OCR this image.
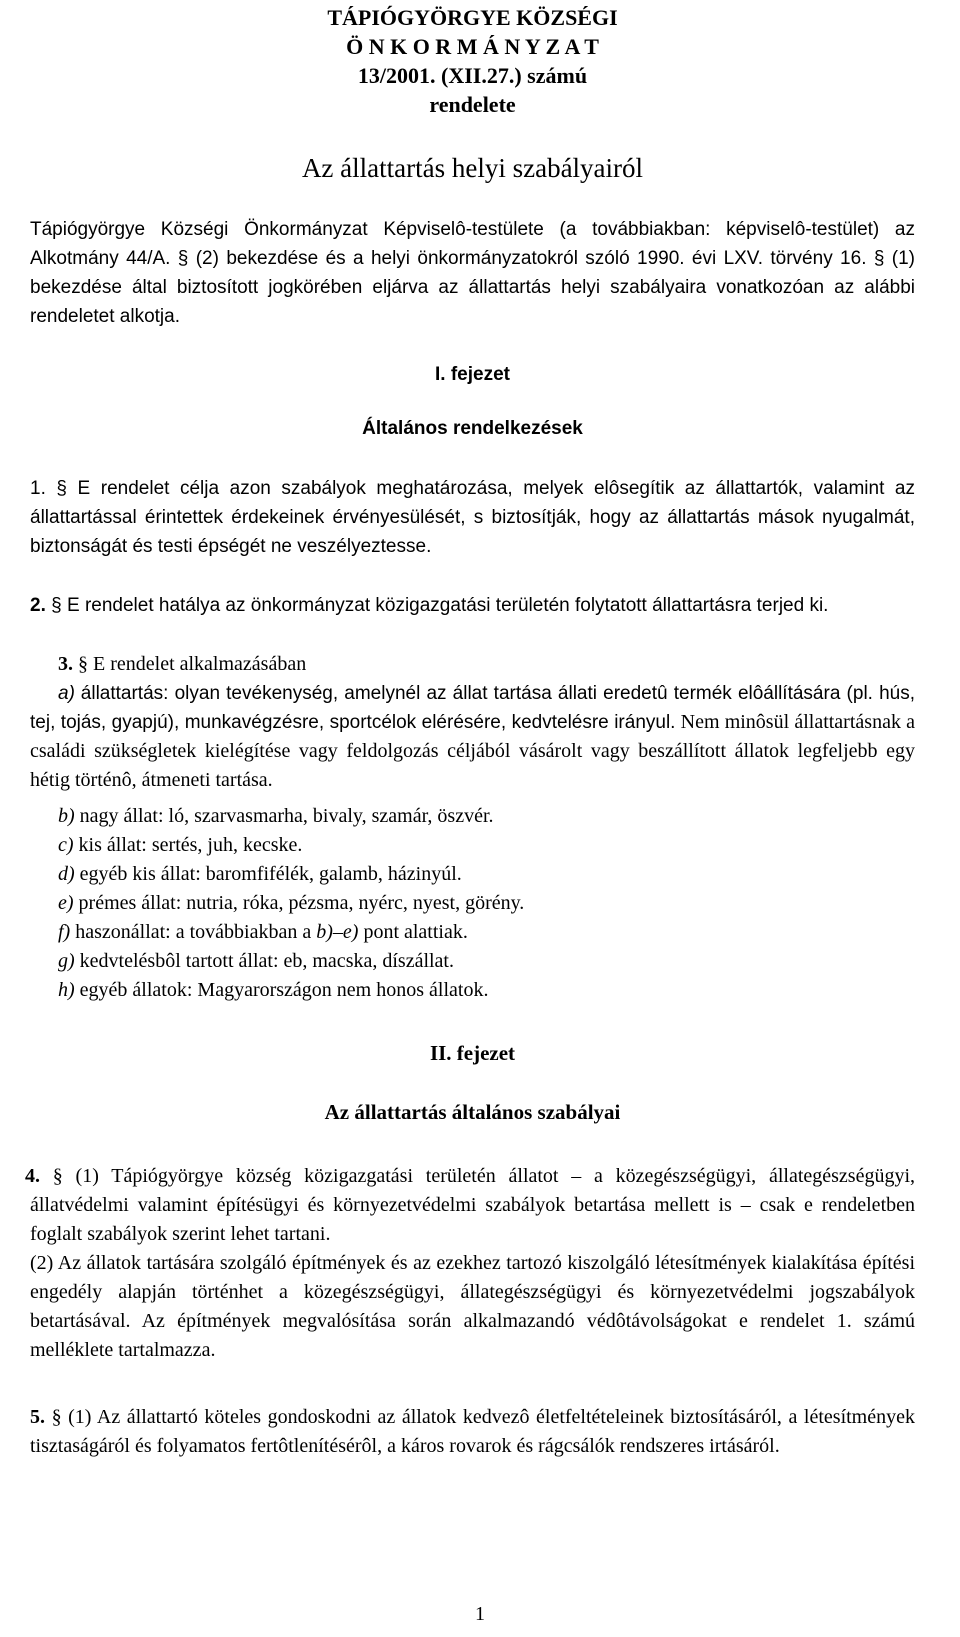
TÁPIÓGYÖRGYE KÖZSÉGI
Ö N K O R M Á N Y Z A T
13/2001. (XII.27.) számú
rendelete
Az állattartás helyi szabályairól

Tápiógyörgye Községi Önkormányzat Képviselô-testülete (a továbbiakban: képviselô-testület) az Alkotmány 44/A. § (2) bekezdése és a helyi önkormányzatokról szóló 1990. évi LXV. törvény 16. § (1) bekezdése által biztosított jogkörében eljárva az állattartás helyi szabályaira vonatkozóan az alábbi rendeletet alkotja.

I. fejezet
Általános rendelkezések

1. § E rendelet célja azon szabályok meghatározása, melyek elôsegítik az állattartók, valamint az állattartással érintettek érdekeinek érvényesülését, s biztosítják, hogy az állattartás mások nyugalmát, biztonságát és testi épségét ne veszélyeztesse.

2. § E rendelet hatálya az önkormányzat közigazgatási területén folytatott állattartásra terjed ki.

3. § E rendelet alkalmazásában

a) állattartás: olyan tevékenység, amelynél az állat tartása állati eredetû termék elôállítására (pl. hús, tej, tojás, gyapjú), munkavégzésre, sportcélok elérésére, kedvtelésre irányul. Nem minôsül állattartásnak a családi szükségletek kielégítése vagy feldolgozás céljából vásárolt vagy beszállított állatok legfeljebb egy hétig történô, átmeneti tartása.

b) nagy állat: ló, szarvasmarha, bivaly, szamár, öszvér.
c) kis állat: sertés, juh, kecske.
d) egyéb kis állat: baromfifélék, galamb, házinyúl.
e) prémes állat: nutria, róka, pézsma, nyérc, nyest, görény.
f) haszonállat: a továbbiakban a b)–e) pont alattiak.
g) kedvtelésbôl tartott állat: eb, macska, díszállat.
h) egyéb állatok: Magyarországon nem honos állatok.
II. fejezet
Az állattartás általános szabályai

4. § (1) Tápiógyörgye község közigazgatási területén állatot – a közegészségügyi, állategészségügyi, állatvédelmi valamint építésügyi és környezetvédelmi szabályok betartása mellett is – csak e rendeletben foglalt szabályok szerint lehet tartani.

(2) Az állatok tartására szolgáló építmények és az ezekhez tartozó kiszolgáló létesítmények kialakítása építési engedély alapján történhet a közegészségügyi, állategészségügyi és környezetvédelmi jogszabályok betartásával. Az építmények megvalósítása során alkalmazandó védôtávolságokat e rendelet 1. számú melléklete tartalmazza.

5. § (1) Az állattartó köteles gondoskodni az állatok kedvezô életfeltételeinek biztosításáról, a létesítmények tisztaságáról és folyamatos fertôtlenítésérôl, a káros rovarok és rágcsálók rendszeres irtásáról.

1
